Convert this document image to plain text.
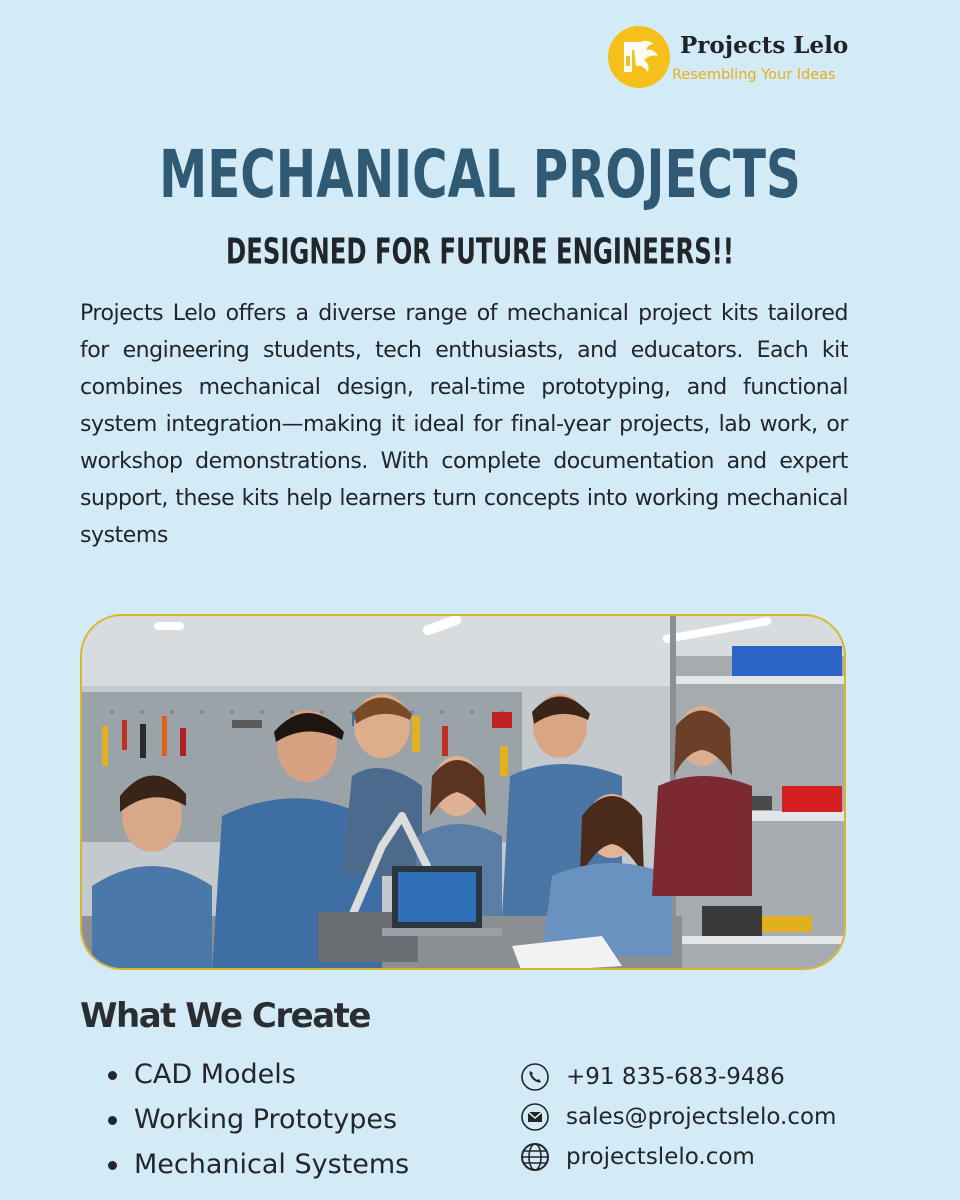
Projects Lelo
Resembling Your Ideas
MECHANICAL PROJECTS
DESIGNED FOR FUTURE ENGINEERS!!

Projects Lelo offers a diverse range of mechanical project kits tailored for engineering students, tech enthusiasts, and educators. Each kit combines mechanical design, real-time prototyping, and functional system integration—making it ideal for final-year projects, lab work, or workshop demonstrations. With complete documentation and expert support, these kits help learners turn concepts into working mechanical systems

What We Create
CAD Models
Working Prototypes
Mechanical Systems
+91 835-683-9486
sales@projectslelo.com
projectslelo.com
